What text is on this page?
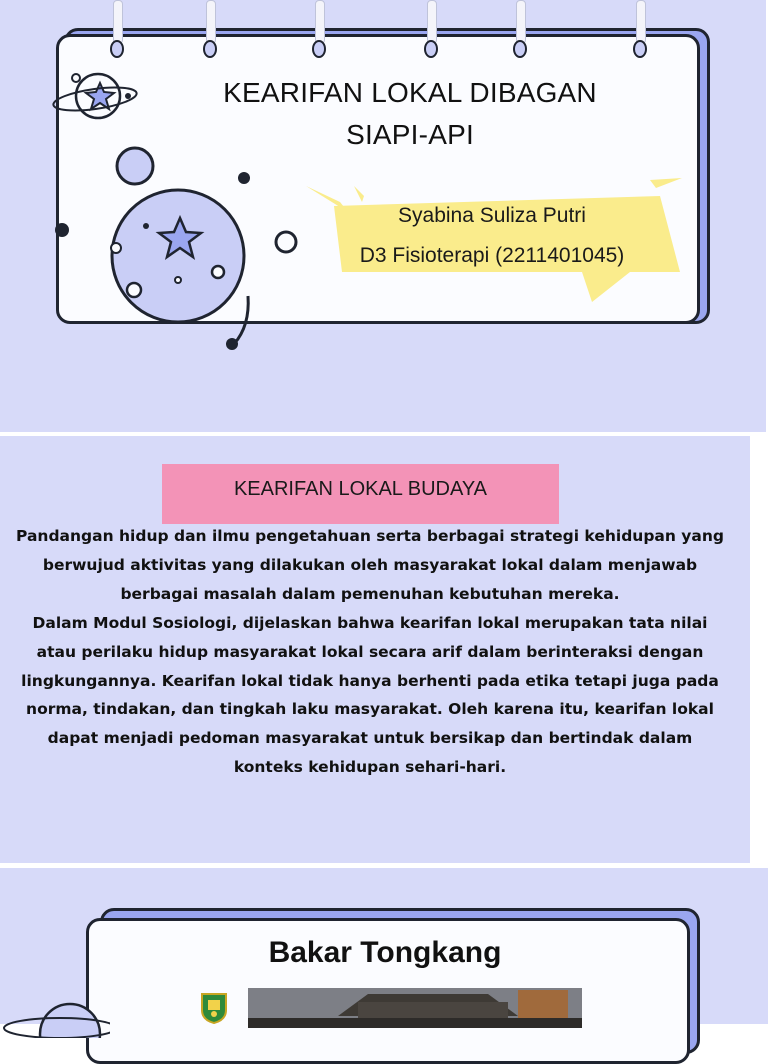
KEARIFAN LOKAL DIBAGAN
SIAPI-API
Syabina Suliza Putri
D3 Fisioterapi (2211401045)
KEARIFAN LOKAL BUDAYA

Pandangan hidup dan ilmu pengetahuan serta berbagai strategi kehidupan yang berwujud aktivitas yang dilakukan oleh masyarakat lokal dalam menjawab berbagai masalah dalam pemenuhan kebutuhan mereka.

Dalam Modul Sosiologi, dijelaskan bahwa kearifan lokal merupakan tata nilai atau perilaku hidup masyarakat lokal secara arif dalam berinteraksi dengan lingkungannya. Kearifan lokal tidak hanya berhenti pada etika tetapi juga pada norma, tindakan, dan tingkah laku masyarakat. Oleh karena itu, kearifan lokal dapat menjadi pedoman masyarakat untuk bersikap dan bertindak dalam konteks kehidupan sehari-hari.

Bakar Tongkang
